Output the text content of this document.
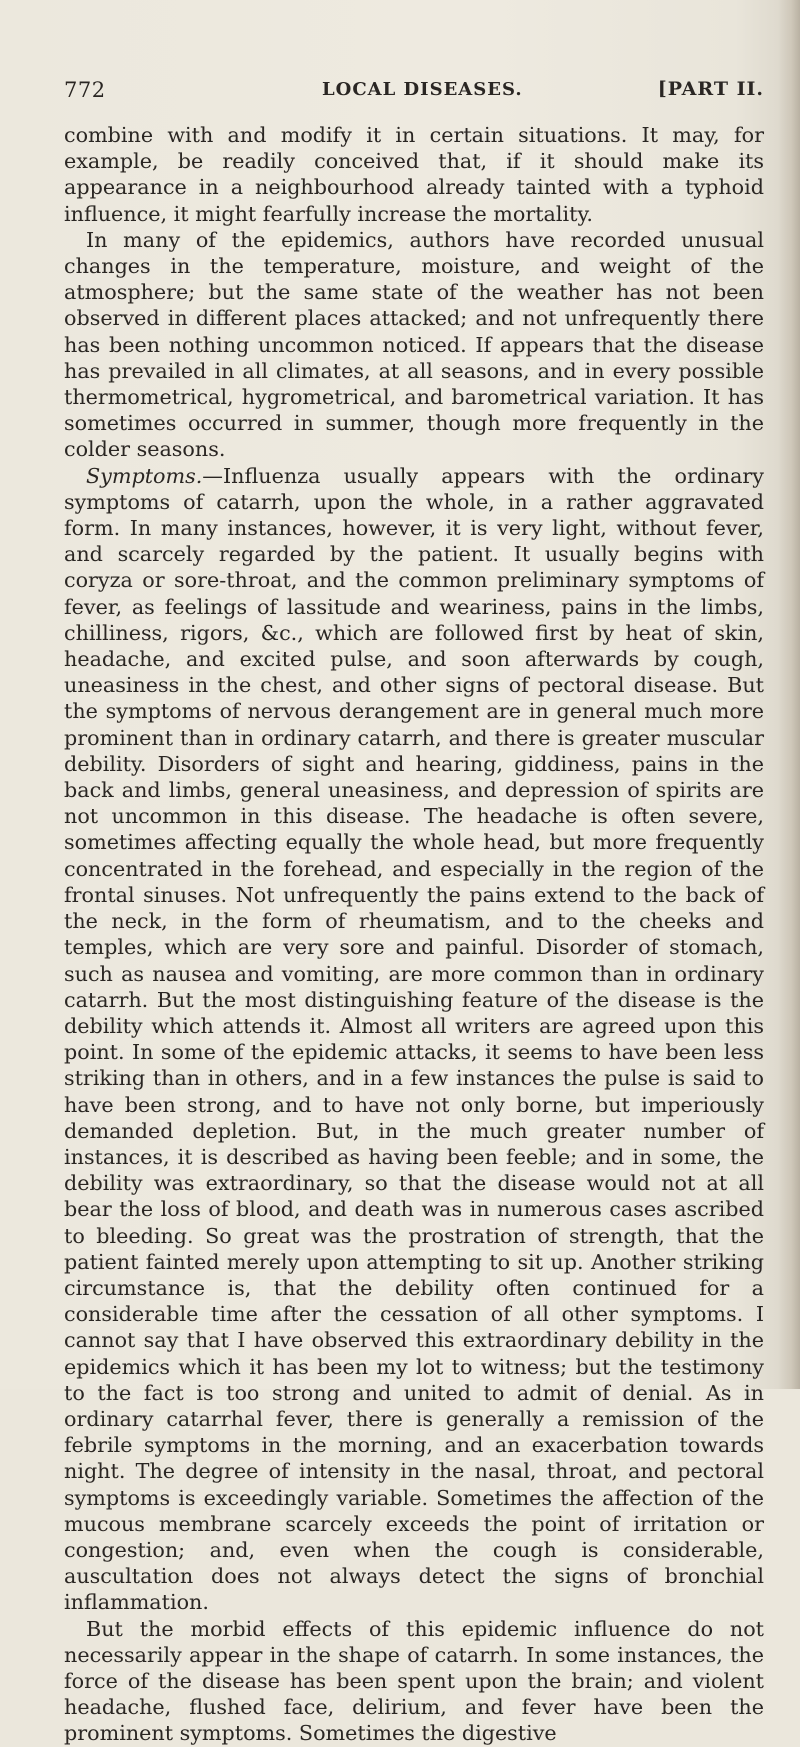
772	LOCAL DISEASES.	[PART II.

combine with and modify it in certain situations. It may, for example, be readily conceived that, if it should make its appearance in a neighbourhood already tainted with a typhoid influence, it might fearfully increase the mortality.

In many of the epidemics, authors have recorded unusual changes in the temperature, moisture, and weight of the atmosphere; but the same state of the weather has not been observed in different places attacked; and not unfrequently there has been nothing uncommon noticed. If appears that the disease has prevailed in all climates, at all seasons, and in every possible thermometrical, hygrometrical, and barometrical variation. It has sometimes occurred in summer, though more frequently in the colder seasons.

Symptoms.—Influenza usually appears with the ordinary symptoms of catarrh, upon the whole, in a rather aggravated form. In many instances, however, it is very light, without fever, and scarcely regarded by the patient. It usually begins with coryza or sore-throat, and the common preliminary symptoms of fever, as feelings of lassitude and weariness, pains in the limbs, chilliness, rigors, &c., which are followed first by heat of skin, headache, and excited pulse, and soon afterwards by cough, uneasiness in the chest, and other signs of pectoral disease. But the symptoms of nervous derangement are in general much more prominent than in ordinary catarrh, and there is greater muscular debility. Disorders of sight and hearing, giddiness, pains in the back and limbs, general uneasiness, and depression of spirits are not uncommon in this disease. The headache is often severe, sometimes affecting equally the whole head, but more frequently concentrated in the forehead, and especially in the region of the frontal sinuses. Not unfrequently the pains extend to the back of the neck, in the form of rheumatism, and to the cheeks and temples, which are very sore and painful. Disorder of stomach, such as nausea and vomiting, are more common than in ordinary catarrh. But the most distinguishing feature of the disease is the debility which attends it. Almost all writers are agreed upon this point. In some of the epidemic attacks, it seems to have been less striking than in others, and in a few instances the pulse is said to have been strong, and to have not only borne, but imperiously demanded depletion. But, in the much greater number of instances, it is described as having been feeble; and in some, the debility was extraordinary, so that the disease would not at all bear the loss of blood, and death was in numerous cases ascribed to bleeding. So great was the prostration of strength, that the patient fainted merely upon attempting to sit up. Another striking circumstance is, that the debility often continued for a considerable time after the cessation of all other symptoms. I cannot say that I have observed this extraordinary debility in the epidemics which it has been my lot to witness; but the testimony to the fact is too strong and united to admit of denial. As in ordinary catarrhal fever, there is generally a remission of the febrile symptoms in the morning, and an exacerbation towards night. The degree of intensity in the nasal, throat, and pectoral symptoms is exceedingly variable. Sometimes the affection of the mucous membrane scarcely exceeds the point of irritation or congestion; and, even when the cough is considerable, auscultation does not always detect the signs of bronchial inflammation.

But the morbid effects of this epidemic influence do not necessarily appear in the shape of catarrh. In some instances, the force of the disease has been spent upon the brain; and violent headache, flushed face, delirium, and fever have been the prominent symptoms. Sometimes the digestive
